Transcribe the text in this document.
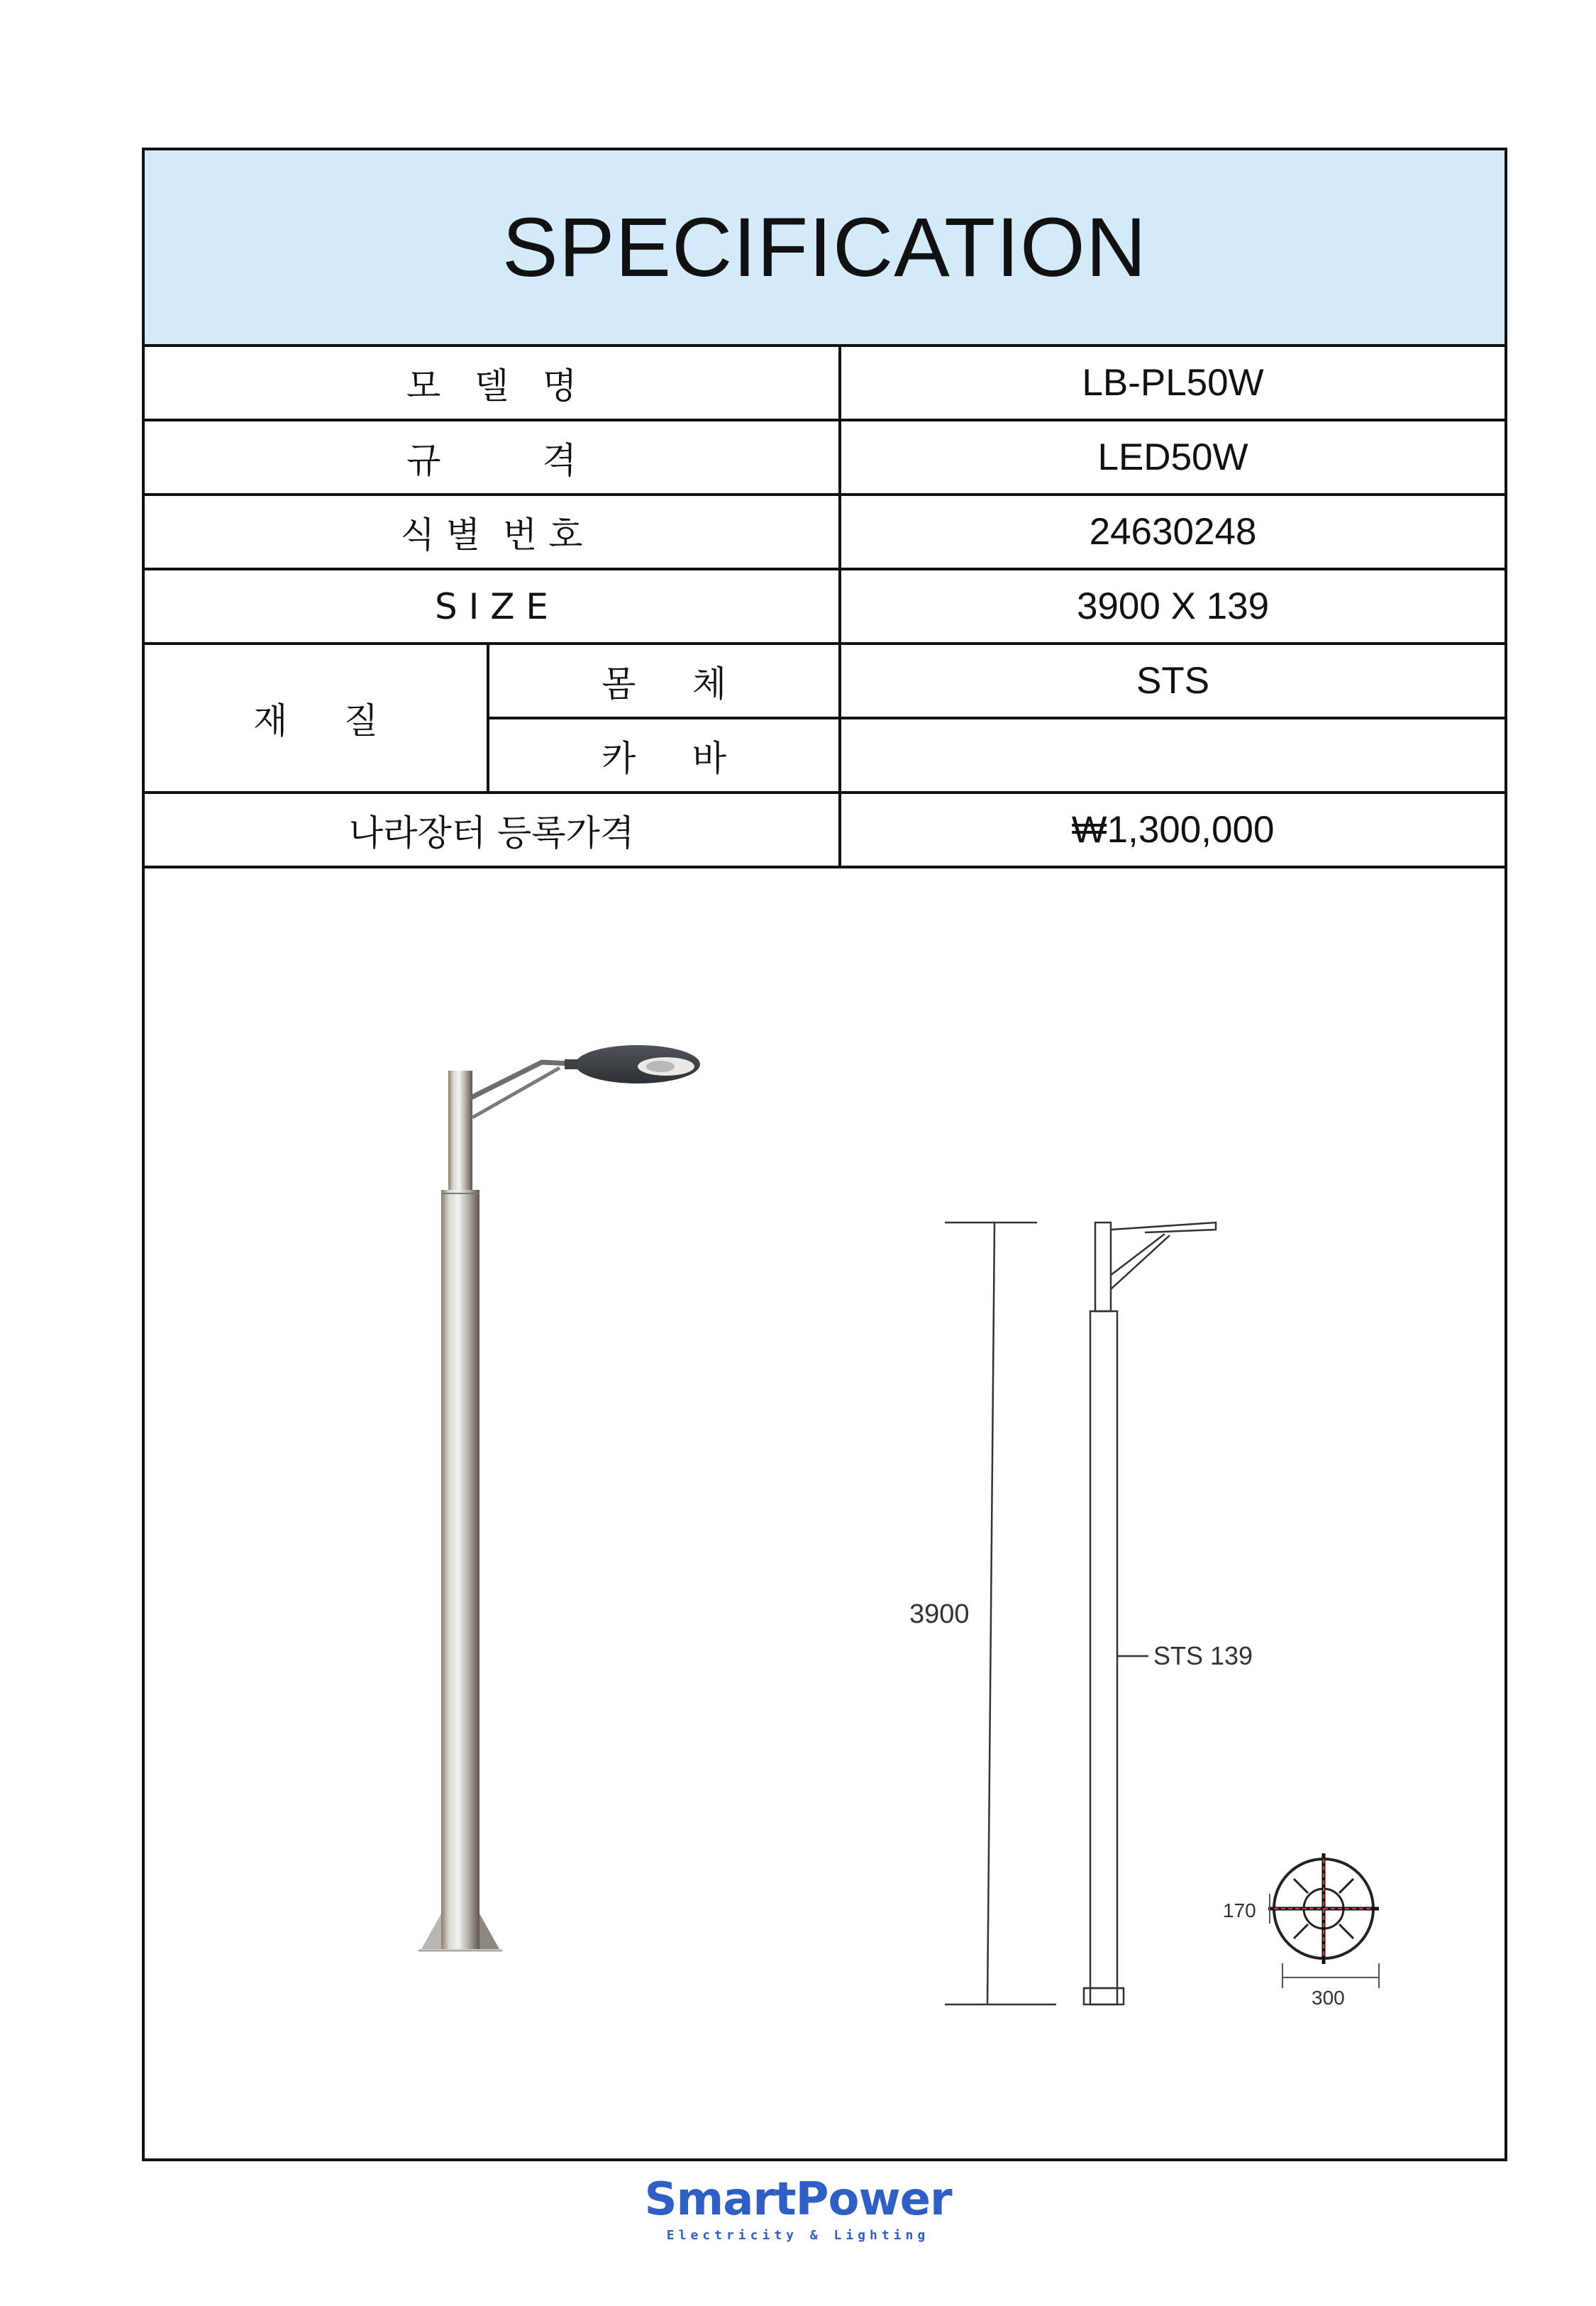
SPECIFICATION
모   델   명		LB-PL50W
규         격		LED50W
식 별  번 호		24630248
S I Z E		3900 X 139
재     질	몸     체	STS
	카     바	
나라장터 등록가격		₩1,300,000
3900
STS 139
170
300
SmartPower
Electricity & Lighting
